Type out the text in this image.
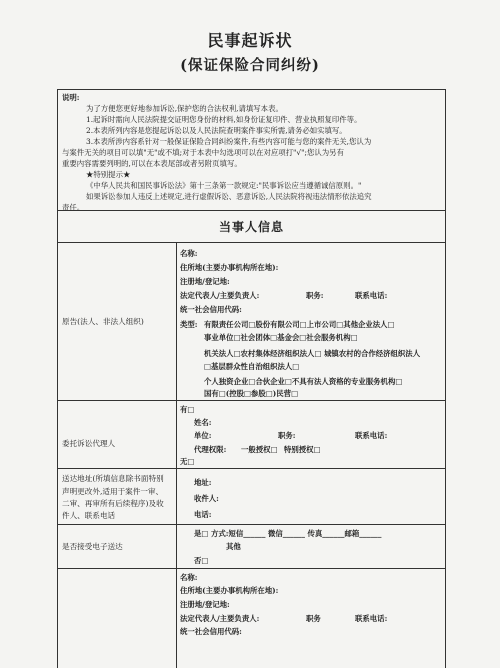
民事起诉状
(保证保险合同纠纷)

说明:

为了方便您更好地参加诉讼,保护您的合法权利,请填写本表。

1.起诉时需向人民法院提交证明您身份的材料,如身份证复印件、营业执照复印件等。

2.本表所列内容是您提起诉讼以及人民法院查明案件事实所需,请务必如实填写。

3.本表所涉内容系针对一般保证保险合同纠纷案件,有些内容可能与您的案件无关,您认为

与案件无关的项目可以填"无"或不填;对于本表中勾选项可以在对应项打"√";您认为另有

重要内容需要列明的,可以在本表尾部或者另附页填写。

★特别提示★

《中华人民共和国民事诉讼法》第十三条第一款规定:"民事诉讼应当遵循诚信原则。"

如果诉讼参加人违反上述规定,进行虚假诉讼、恶意诉讼,人民法院将视违法情形依法追究

责任。

当事人信息
原告(法人、非法人组织)
名称:
住所地(主要办事机构所在地):
注册地/登记地:
法定代表人/主要负责人:	职务:	联系电话:
统一社会信用代码:
类型: 有限责任公司□股份有限公司□上市公司□其他企业法人□
事业单位□社会团体□基金会□社会服务机构□
机关法人□农村集体经济组织法人□ 城镇农村的合作经济组织法人
□基层群众性自治组织法人□
个人独资企业□合伙企业□不具有法人资格的专业服务机构□
国有□(控股□参股□)民营□
委托诉讼代理人
有□
姓名:
单位:	职务:	联系电话:
代理权限: 一般授权□ 特别授权□
无□
送达地址(所填信息除书面特别
声明更改外,适用于案件一审、
二审、再审所有后续程序)及收
件人、联系电话
地址:
收件人:
电话:
是否接受电子送达
是□ 方式:短信______ 微信______ 传真______邮箱______
其他
否□
名称:
住所地(主要办事机构所在地):
注册地/登记地:
法定代表人/主要负责人:	职务	联系电话:
统一社会信用代码:
